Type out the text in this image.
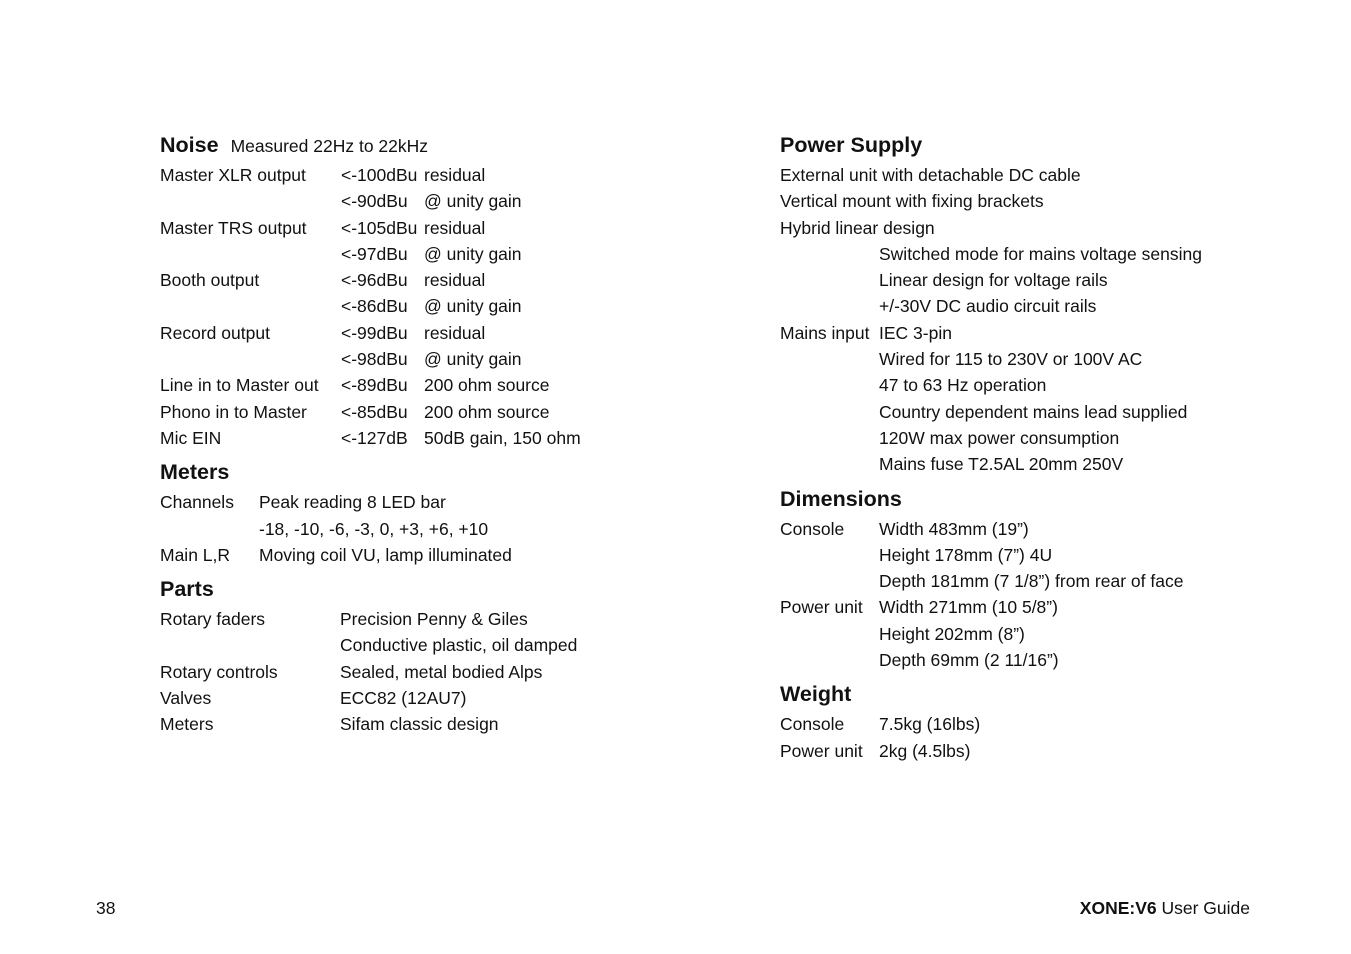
Noise Measured 22Hz to 22kHz
Master XLR output	<-100dBu residual
<-90dBu @ unity gain
Master TRS output	<-105dBu residual
<-97dBu @ unity gain
Booth output	<-96dBu residual
<-86dBu @ unity gain
Record output	<-99dBu residual
<-98dBu @ unity gain
Line in to Master out	<-89dBu 200 ohm source
Phono in to Master	<-85dBu 200 ohm source
Mic EIN	<-127dB 50dB gain, 150 ohm
Meters
Channels	Peak reading 8 LED bar
-18, -10, -6, -3, 0, +3, +6, +10
Main L,R	Moving coil VU, lamp illuminated
Parts
Rotary faders	Precision Penny & Giles
Conductive plastic, oil damped
Rotary controls	Sealed, metal bodied Alps
Valves	ECC82 (12AU7)
Meters	Sifam classic design
Power Supply
External unit with detachable DC cable
Vertical mount with fixing brackets
Hybrid linear design
Switched mode for mains voltage sensing
Linear design for voltage rails
+/-30V DC audio circuit rails
Mains input IEC 3-pin
Wired for 115 to 230V or 100V AC
47 to 63 Hz operation
Country dependent mains lead supplied
120W max power consumption
Mains fuse T2.5AL 20mm 250V
Dimensions
Console	Width 483mm (19”)
Height 178mm (7”) 4U
Depth 181mm (7 1/8”) from rear of face
Power unit Width 271mm (10 5/8”)
Height 202mm (8”)
Depth 69mm (2 11/16”)
Weight
Console	7.5kg (16lbs)
Power unit 2kg (4.5lbs)
38	XONE:V6 User Guide
